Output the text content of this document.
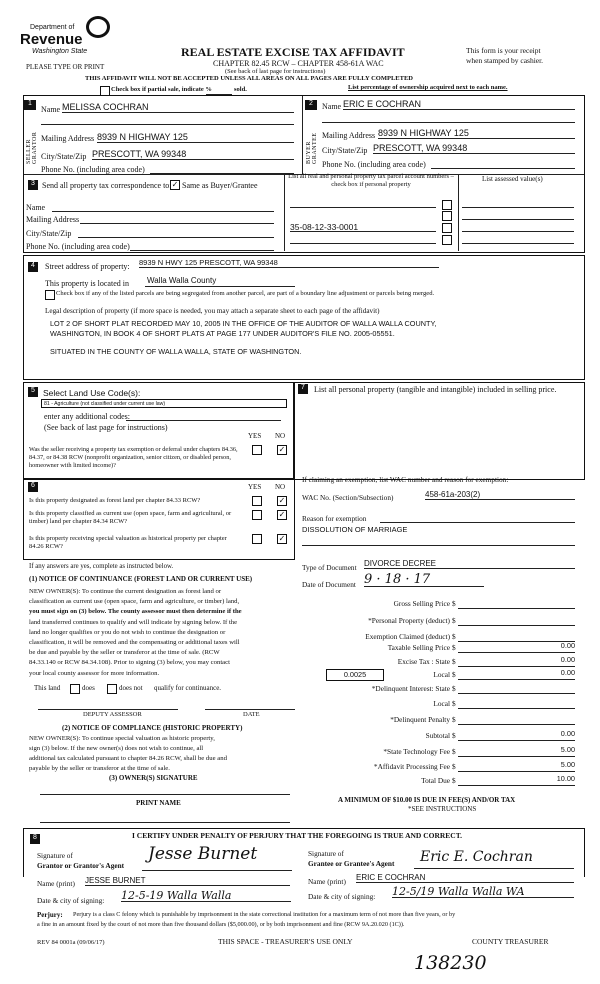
Department of
Revenue
Washington State
PLEASE TYPE OR PRINT
REAL ESTATE EXCISE TAX AFFIDAVIT
CHAPTER 82.45 RCW – CHAPTER 458-61A WAC
This form is your receipt
when stamped by cashier.
(See back of last page for instructions)
THIS AFFIDAVIT WILL NOT BE ACCEPTED UNLESS ALL AREAS ON ALL PAGES ARE FULLY COMPLETED
Check box if partial sale, indicate %	sold.	List percentage of ownership acquired next to each name.
1
SELLER GRANTOR
Name MELISSA COCHRAN
Mailing Address 8939 N HIGHWAY 125
City/State/Zip PRESCOTT, WA 99348
Phone No. (including area code)
2
BUYER GRANTEE
Name ERIC E COCHRAN
Mailing Address 8939 N HIGHWAY 125
City/State/Zip PRESCOTT, WA 99348
Phone No. (including area code)
3 Send all property tax correspondence to: ✓ Same as Buyer/Grantee
Name
Mailing Address
City/State/Zip
Phone No. (including area code)
List all real and personal property tax parcel account numbers – check box if personal property
List assessed value(s)
35-08-12-33-0001
4	Street address of property: 8939 N HWY 125 PRESCOTT, WA 99348
This property is located in Walla Walla County
Check box if any of the listed parcels are being segregated from another parcel, are part of a boundary line adjustment or parcels being merged.
Legal description of property (if more space is needed, you may attach a separate sheet to each page of the affidavit)
LOT 2 OF SHORT PLAT RECORDED MAY 10, 2005 IN THE OFFICE OF THE AUDITOR OF WALLA WALLA COUNTY,
WASHINGTON, IN BOOK 4 OF SHORT PLATS AT PAGE 177 UNDER AUDITOR'S FILE NO. 2005-05551.
SITUATED IN THE COUNTY OF WALLA WALLA, STATE OF WASHINGTON.
5 Select Land Use Code(s):
81 - Agriculture (not classified under current use law)
enter any additional codes:
(See back of last page for instructions)
YES NO
Was the seller receiving a property tax exemption or deferral under chapters 84.36, 84.37, or 84.38 RCW (nonprofit organization, senior citizen, or disabled person, homeowner with limited income)?
✓
7	List all personal property (tangible and intangible) included in selling price.
6	YES NO
Is this property designated as forest land per chapter 84.33 RCW?	✓
Is this property classified as current use (open space, farm and agricultural, or timber) land per chapter 84.34 RCW?
✓
Is this property receiving special valuation as historical property per chapter 84.26 RCW?
✓
If any answers are yes, complete as instructed below.
(1) NOTICE OF CONTINUANCE (FOREST LAND OR CURRENT USE)
NEW OWNER(S): To continue the current designation as forest land or
classification as current use (open space, farm and agriculture, or timber) land,
you must sign on (3) below. The county assessor must then determine if the
land transferred continues to qualify and will indicate by signing below. If the
land no longer qualifies or you do not wish to continue the designation or
classification, it will be removed and the compensating or additional taxes will
be due and payable by the seller or transferor at the time of sale. (RCW
84.33.140 or RCW 84.34.108). Prior to signing (3) below, you may contact
your local county assessor for more information.
This land	does	does not qualify for continuance.
DEPUTY ASSESSOR	DATE
(2) NOTICE OF COMPLIANCE (HISTORIC PROPERTY)
NEW OWNER(S): To continue special valuation as historic property,
sign (3) below. If the new owner(s) does not wish to continue, all
additional tax calculated pursuant to chapter 84.26 RCW, shall be due and
payable by the seller or transferor at the time of sale.
(3) OWNER(S) SIGNATURE
PRINT NAME
If claiming an exemption, list WAC number and reason for exemption:
WAC No. (Section/Subsection)	458-61a-203(2)
Reason for exemption
DISSOLUTION OF MARRIAGE
Type of Document DIVORCE DECREE
Date of Document 9 · 18 · 17
Gross Selling Price $
*Personal Property (deduct) $
Exemption Claimed (deduct) $
Taxable Selling Price $	0.00
Excise Tax : State $	0.00
0.0025	Local $	0.00
*Delinquent Interest: State $
Local $
*Delinquent Penalty $
Subtotal $	0.00
*State Technology Fee $	5.00
*Affidavit Processing Fee $	5.00
Total Due $	10.00
A MINIMUM OF $10.00 IS DUE IN FEE(S) AND/OR TAX
*SEE INSTRUCTIONS
8	I CERTIFY UNDER PENALTY OF PERJURY THAT THE FOREGOING IS TRUE AND CORRECT.
Signature of
Grantor or Grantor's Agent
Jesse Burnet
Name (print) JESSE BURNET
Date & city of signing: 12-5-19 Walla Walla
Signature of
Grantee or Grantee's Agent Eric E. Cochran
Name (print) ERIC E COCHRAN
Date & city of signing: 12-5/19 Walla Walla WA
Perjury: Perjury is a class C felony which is punishable by imprisonment in the state correctional institution for a maximum term of not more than five years, or by
a fine in an amount fixed by the court of not more than five thousand dollars ($5,000.00), or by both imprisonment and fine (RCW 9A.20.020 (1C)).
REV 84 0001a (09/06/17)	THIS SPACE - TREASURER'S USE ONLY	COUNTY TREASURER
138230
